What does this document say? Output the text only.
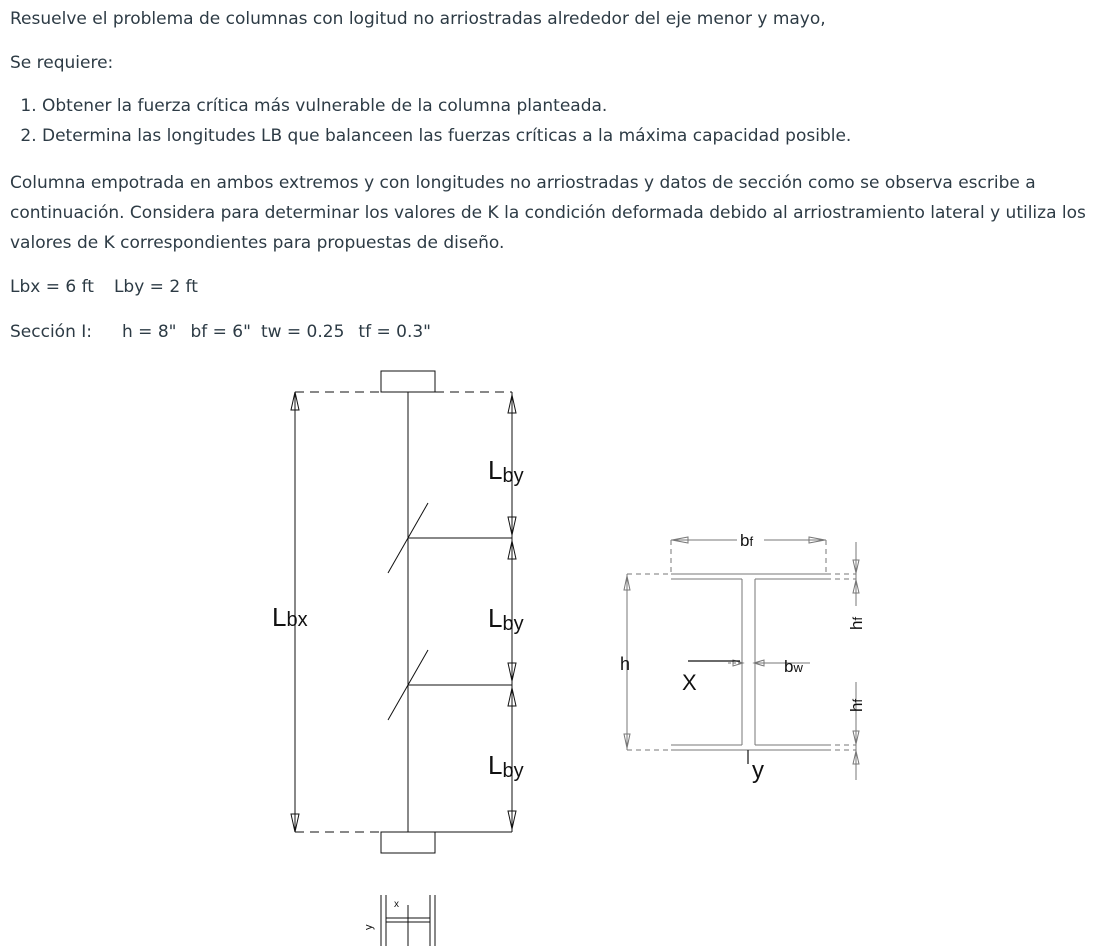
Resuelve el problema de columnas con logitud no arriostradas alrededor del eje menor y mayo,

Se requiere:

1. Obtener la fuerza crítica más vulnerable de la columna planteada.
2. Determina las longitudes LB que balanceen las fuerzas críticas a la máxima capacidad posible.

Columna empotrada en ambos extremos y con longitudes no arriostradas y datos de sección como se observa escribe a continuación. Considera para determinar los valores de K la condición deformada debido al arriostramiento lateral y utiliza los valores de K correspondientes para propuestas de diseño.

Lbx = 6 ft Lby = 2 ft

Sección I: h = 8" bf = 6" tw = 0.25 tf = 0.3"

Lbx
Lby
Lby
Lby
bf
h
X
bw
y
hf
hf
x
y
